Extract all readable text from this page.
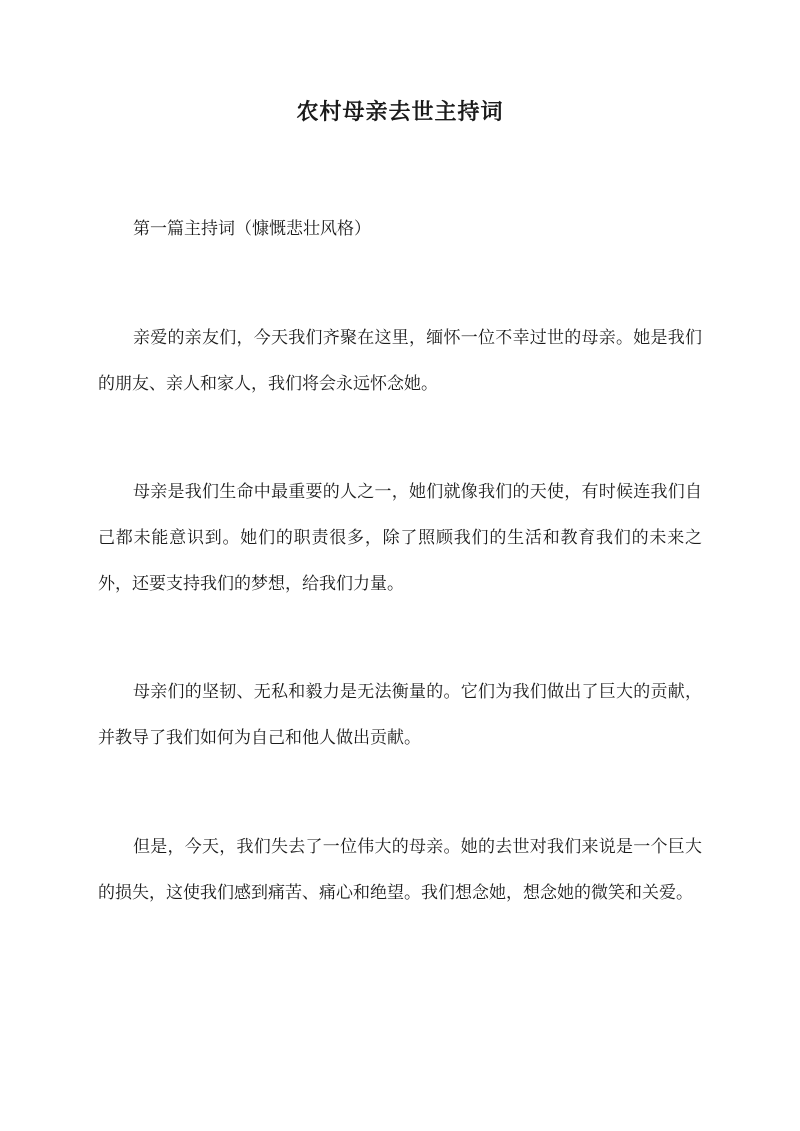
农村母亲去世主持词

第一篇主持词（慷慨悲壮风格）

亲爱的亲友们，今天我们齐聚在这里，缅怀一位不幸过世的母亲。她是我们的朋友、亲人和家人，我们将会永远怀念她。

母亲是我们生命中最重要的人之一，她们就像我们的天使，有时候连我们自己都未能意识到。她们的职责很多，除了照顾我们的生活和教育我们的未来之外，还要支持我们的梦想，给我们力量。

母亲们的坚韧、无私和毅力是无法衡量的。它们为我们做出了巨大的贡献，并教导了我们如何为自己和他人做出贡献。

但是，今天，我们失去了一位伟大的母亲。她的去世对我们来说是一个巨大的损失，这使我们感到痛苦、痛心和绝望。我们想念她，想念她的微笑和关爱。
